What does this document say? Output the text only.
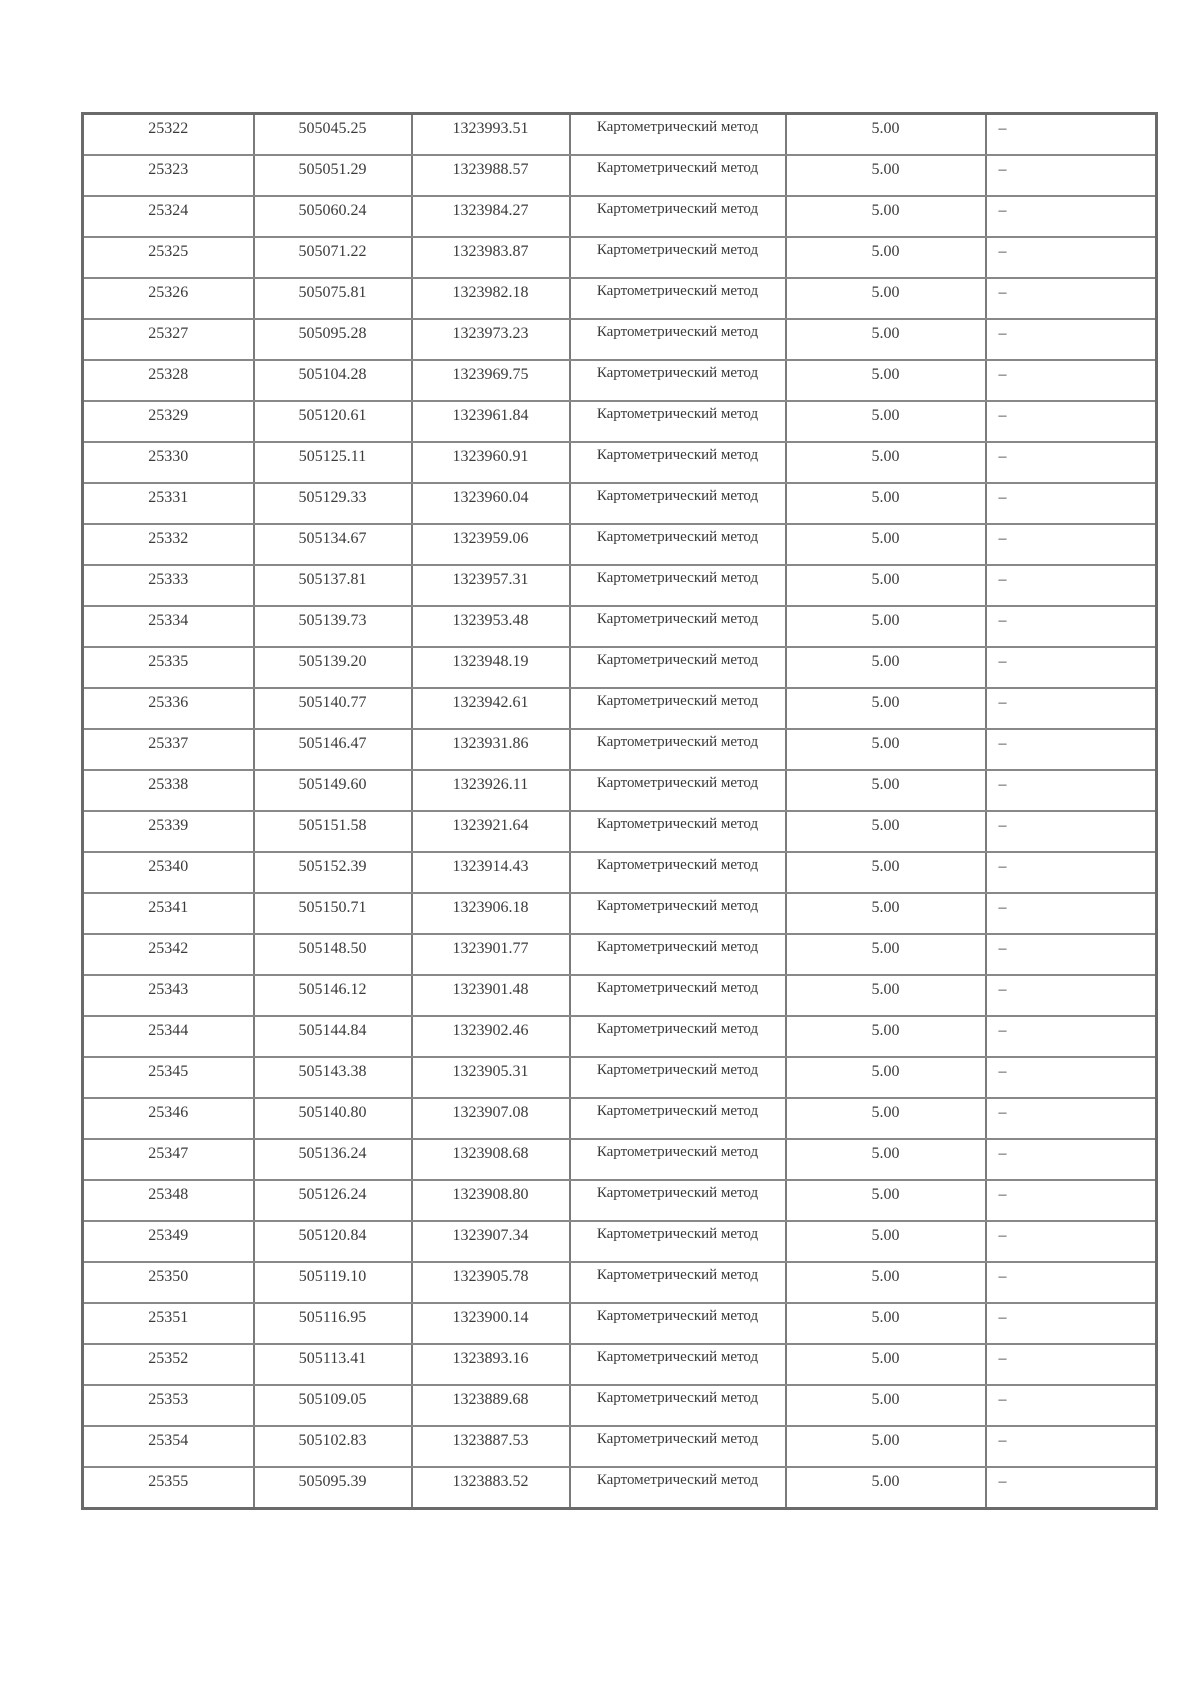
25322	505045.25	1323993.51	Картометрический метод	5.00	–

25323	505051.29	1323988.57	Картометрический метод	5.00	–

25324	505060.24	1323984.27	Картометрический метод	5.00	–

25325	505071.22	1323983.87	Картометрический метод	5.00	–

25326	505075.81	1323982.18	Картометрический метод	5.00	–

25327	505095.28	1323973.23	Картометрический метод	5.00	–

25328	505104.28	1323969.75	Картометрический метод	5.00	–

25329	505120.61	1323961.84	Картометрический метод	5.00	–

25330	505125.11	1323960.91	Картометрический метод	5.00	–

25331	505129.33	1323960.04	Картометрический метод	5.00	–

25332	505134.67	1323959.06	Картометрический метод	5.00	–

25333	505137.81	1323957.31	Картометрический метод	5.00	–

25334	505139.73	1323953.48	Картометрический метод	5.00	–

25335	505139.20	1323948.19	Картометрический метод	5.00	–

25336	505140.77	1323942.61	Картометрический метод	5.00	–

25337	505146.47	1323931.86	Картометрический метод	5.00	–

25338	505149.60	1323926.11	Картометрический метод	5.00	–

25339	505151.58	1323921.64	Картометрический метод	5.00	–

25340	505152.39	1323914.43	Картометрический метод	5.00	–

25341	505150.71	1323906.18	Картометрический метод	5.00	–

25342	505148.50	1323901.77	Картометрический метод	5.00	–

25343	505146.12	1323901.48	Картометрический метод	5.00	–

25344	505144.84	1323902.46	Картометрический метод	5.00	–

25345	505143.38	1323905.31	Картометрический метод	5.00	–

25346	505140.80	1323907.08	Картометрический метод	5.00	–

25347	505136.24	1323908.68	Картометрический метод	5.00	–

25348	505126.24	1323908.80	Картометрический метод	5.00	–

25349	505120.84	1323907.34	Картометрический метод	5.00	–

25350	505119.10	1323905.78	Картометрический метод	5.00	–

25351	505116.95	1323900.14	Картометрический метод	5.00	–

25352	505113.41	1323893.16	Картометрический метод	5.00	–

25353	505109.05	1323889.68	Картометрический метод	5.00	–

25354	505102.83	1323887.53	Картометрический метод	5.00	–

25355	505095.39	1323883.52	Картометрический метод	5.00	–
